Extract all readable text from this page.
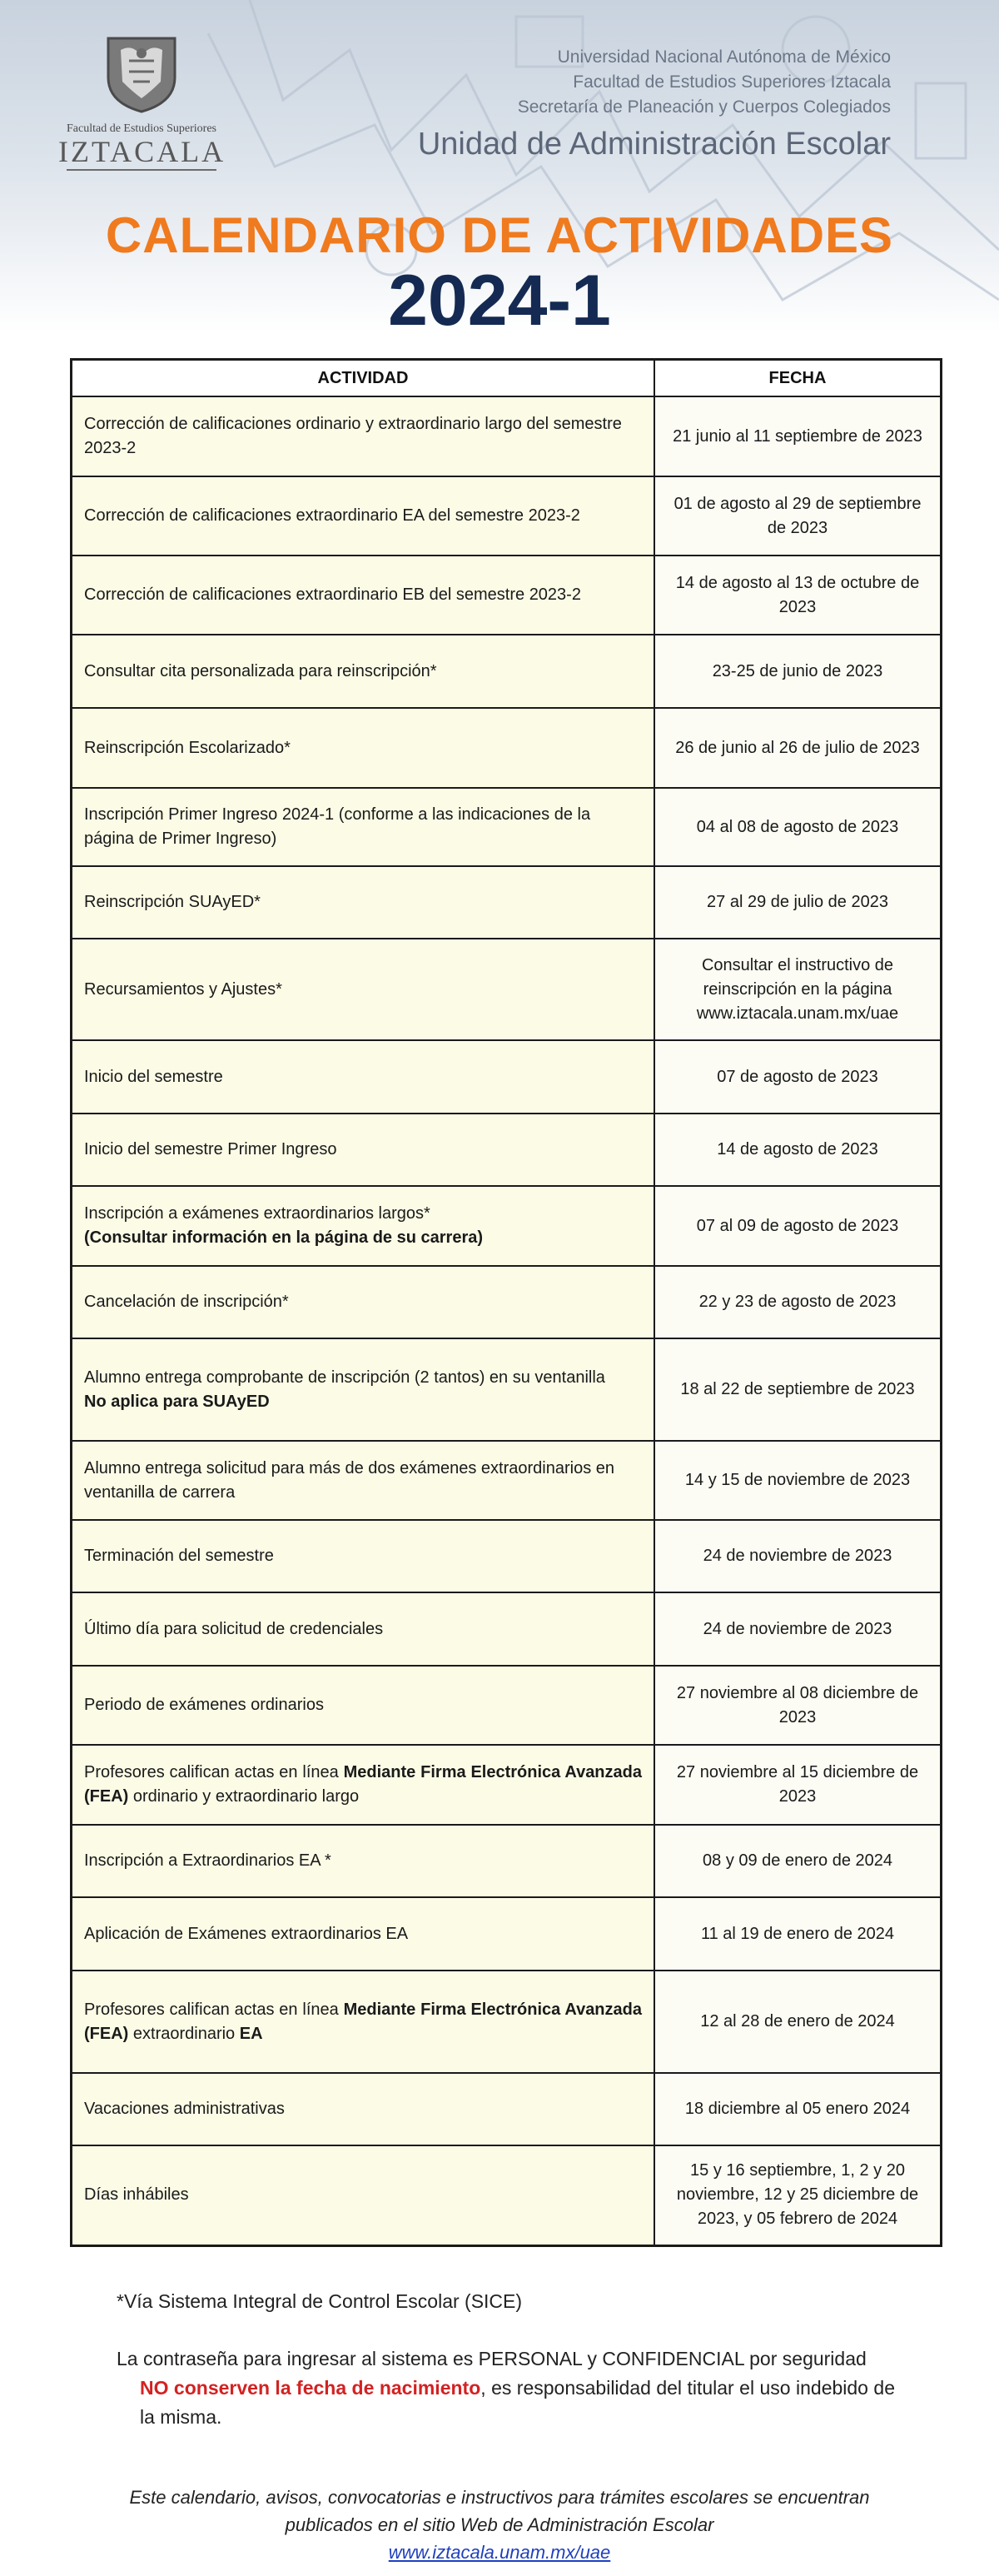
Facultad de Estudios Superiores
IZTACALA
Universidad Nacional Autónoma de México
Facultad de Estudios Superiores Iztacala
Secretaría de Planeación y Cuerpos Colegiados
Unidad de Administración Escolar
CALENDARIO DE ACTIVIDADES
2024-1
ACTIVIDAD	FECHA
Corrección de calificaciones ordinario y extraordinario largo del semestre 2023-2	21 junio al 11 septiembre de 2023
Corrección de calificaciones extraordinario EA del semestre 2023-2	01 de agosto al 29 de septiembre de 2023
Corrección de calificaciones extraordinario EB del semestre 2023-2	14 de agosto al 13 de octubre de 2023
Consultar cita personalizada para reinscripción*	23-25 de junio de 2023
Reinscripción Escolarizado*	26 de junio al 26 de julio de 2023
Inscripción Primer Ingreso 2024-1 (conforme a las indicaciones de la página de Primer Ingreso)	04 al 08 de agosto de 2023
Reinscripción SUAyED*	27 al 29 de julio de 2023
Recursamientos y Ajustes*	Consultar el instructivo de reinscripción en la página www.iztacala.unam.mx/uae
Inicio del semestre	07 de agosto de 2023
Inicio del semestre Primer Ingreso	14 de agosto de 2023

Inscripción a exámenes extraordinarios largos*
(Consultar información en la página de su carrera)	07 al 09 de agosto de 2023
Cancelación de inscripción*	22 y 23 de agosto de 2023

Alumno entrega comprobante de inscripción (2 tantos) en su ventanilla
No aplica para SUAyED	18 al 22 de septiembre de 2023
Alumno entrega solicitud para más de dos exámenes extraordinarios en ventanilla de carrera	14 y 15 de noviembre de 2023
Terminación del semestre	24 de noviembre de 2023
Último día para solicitud de credenciales	24 de noviembre de 2023
Periodo de exámenes ordinarios	27 noviembre al 08 diciembre de 2023
Profesores califican actas en línea Mediante Firma Electrónica Avanzada (FEA) ordinario y extraordinario largo	27 noviembre al 15 diciembre de 2023
Inscripción a Extraordinarios EA *	08 y 09 de enero de 2024
Aplicación de Exámenes extraordinarios EA	11 al 19 de enero de 2024
Profesores califican actas en línea Mediante Firma Electrónica Avanzada (FEA) extraordinario EA	12 al 28 de enero de 2024
Vacaciones administrativas	18 diciembre al 05 enero 2024
Días inhábiles	15 y 16 septiembre, 1, 2 y 20 noviembre, 12 y 25 diciembre de 2023, y 05 febrero de 2024
*Vía Sistema Integral de Control Escolar (SICE)
La contraseña para ingresar al sistema es PERSONAL y CONFIDENCIAL por seguridad
NO conserven la fecha de nacimiento, es responsabilidad del titular el uso indebido de la misma.
Este calendario, avisos, convocatorias e instructivos para trámites escolares se encuentran publicados en el sitio Web de Administración Escolar
www.iztacala.unam.mx/uae
